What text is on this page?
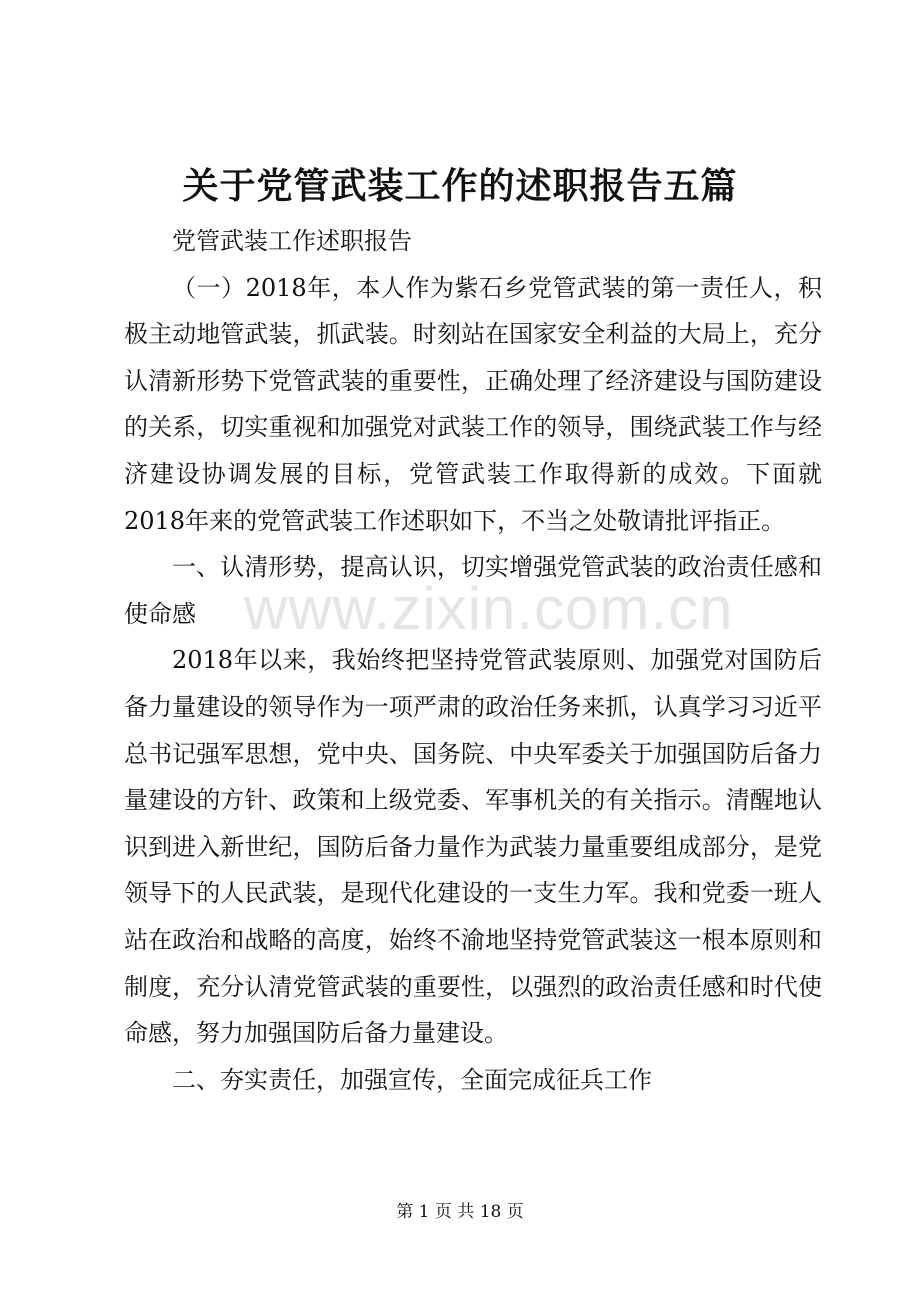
关于党管武装工作的述职报告五篇

党管武装工作述职报告

（一）2018年，本人作为紫石乡党管武装的第一责任人，积极主动地管武装，抓武装。时刻站在国家安全利益的大局上，充分认清新形势下党管武装的重要性，正确处理了经济建设与国防建设的关系，切实重视和加强党对武装工作的领导，围绕武装工作与经济建设协调发展的目标，党管武装工作取得新的成效。下面就2018年来的党管武装工作述职如下，不当之处敬请批评指正。

一、认清形势，提高认识，切实增强党管武装的政治责任感和使命感

2018年以来，我始终把坚持党管武装原则、加强党对国防后备力量建设的领导作为一项严肃的政治任务来抓，认真学习习近平总书记强军思想，党中央、国务院、中央军委关于加强国防后备力量建设的方针、政策和上级党委、军事机关的有关指示。清醒地认识到进入新世纪，国防后备力量作为武装力量重要组成部分，是党领导下的人民武装，是现代化建设的一支生力军。我和党委一班人站在政治和战略的高度，始终不渝地坚持党管武装这一根本原则和制度，充分认清党管武装的重要性，以强烈的政治责任感和时代使命感，努力加强国防后备力量建设。

二、夯实责任，加强宣传，全面完成征兵工作

www.zixin.com.cn
第 1 页 共 18 页
